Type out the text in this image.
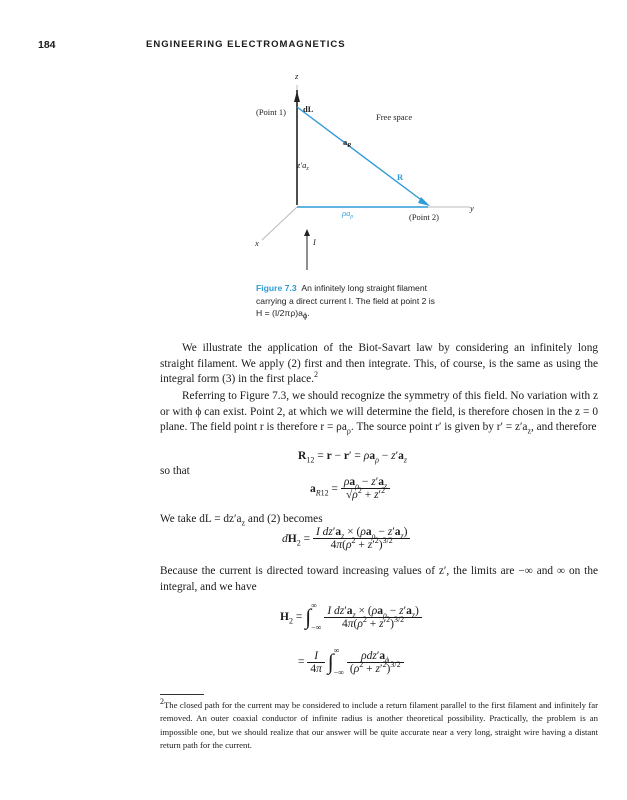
184	ENGINEERING ELECTROMAGNETICS
z
y
x
(Point 1) dL
Free space
$a_R$
R
$z'a_z$
$\rho a_\rho$	(Point 2)
I
Figure 7.3 An infinitely long straight filament
carrying a direct current I. The field at point 2 is
H = (I/2πρ)aϕ.
We illustrate the application of the Biot-Savart law by considering an infinitely long straight filament. We apply (2) first and then integrate. This, of course, is the same as using the integral form (3) in the first place.$^2$
Referring to Figure 7.3, we should recognize the symmetry of this field. No variation with z or with ϕ can exist. Point 2, at which we will determine the field, is therefore chosen in the z = 0 plane. The field point r is therefore $r = \rho a_\rho$. The source point r′ is given by $r' = z'a_z$, and therefore
$R_{12} = r - r' = \rho a_\rho - z'a_z$
so that
$a_{R12} = \frac{\rho a_\rho - z'a_z}{√\rho^2 + z'^2}$
We take dL = $dz'a_z$ and (2) becomes
$dH_2 = \frac{I dz'a_z \times (\rho a_\rho - z'a_z)}{4\pi(\rho^2 + z'^2)^{3/2}}$
Because the current is directed toward increasing values of z′, the limits are −∞ and ∞ on the integral, and we have
$H_2$ = ∫∞
−∞ $\frac{I dz'a_z \times (\rho a_\rho - z'a_z)}{4\pi(\rho^2 + z'^2)^{3/2}}$
= $\frac{I}{4\pi}$ ∫∞
−∞ $\frac{\rho dz'a_\phi}{(\rho^2 + z'^2)^{3/2}}$
2The closed path for the current may be considered to include a return filament parallel to the first filament and infinitely far removed. An outer coaxial conductor of infinite radius is another theoretical possibility. Practically, the problem is an impossible one, but we should realize that our answer will be quite accurate near a very long, straight wire having a distant return path for the current.
